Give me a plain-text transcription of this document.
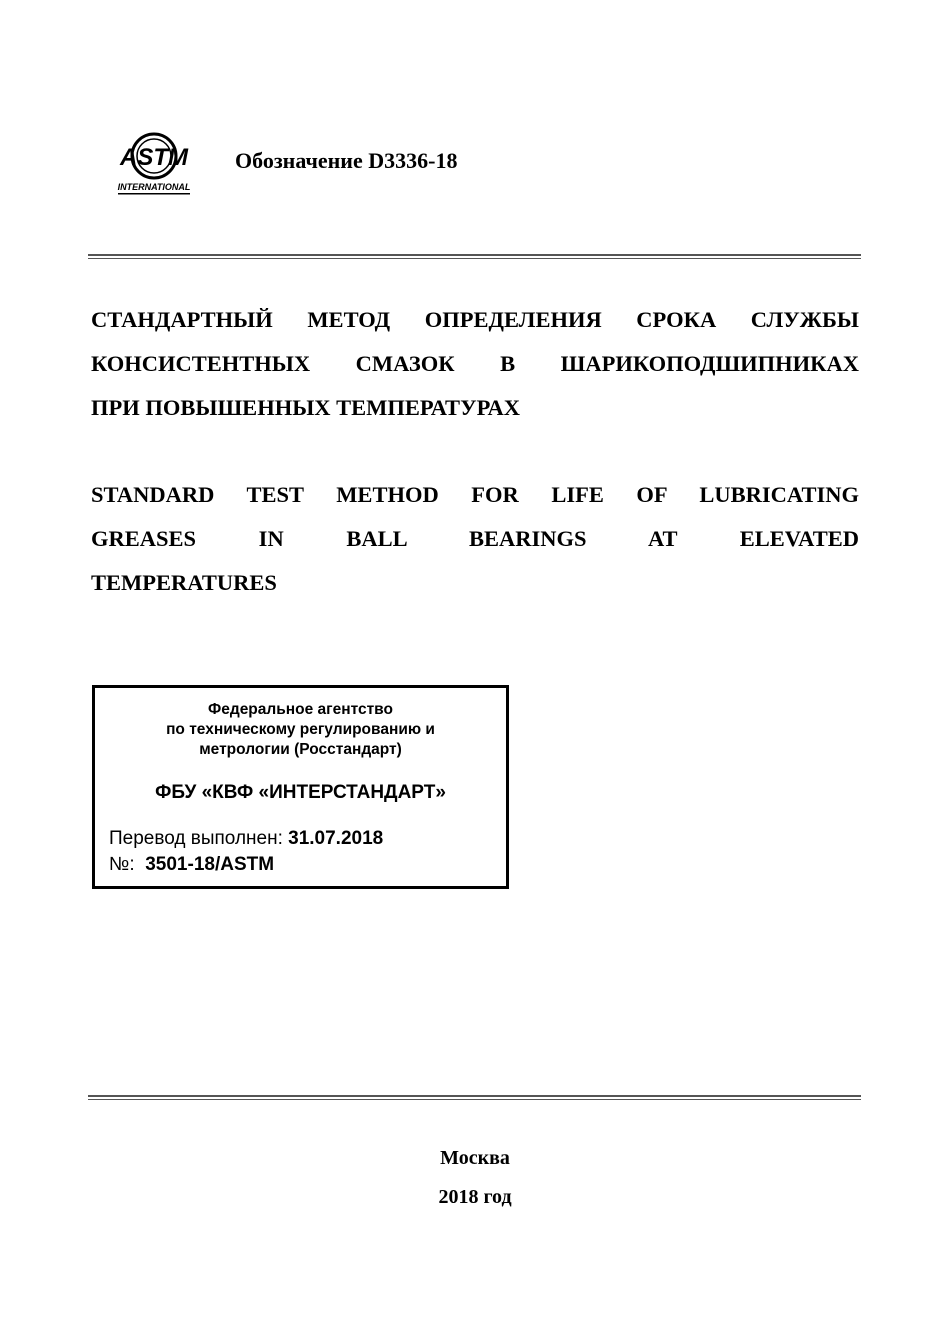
ASTM
INTERNATIONAL
Обозначение D3336-18
СТАНДАРТНЫЙ МЕТОД ОПРЕДЕЛЕНИЯ СРОКА СЛУЖБЫ
КОНСИСТЕНТНЫХ СМАЗОК В ШАРИКОПОДШИПНИКАХ
ПРИ ПОВЫШЕННЫХ ТЕМПЕРАТУРАХ
STANDARD TEST METHOD FOR LIFE OF LUBRICATING
GREASES IN BALL BEARINGS AT ELEVATED
TEMPERATURES
Федеральное агентство
по техническому регулированию и
метрологии (Росстандарт)
ФБУ «КВФ «ИНТЕРСТАНДАРТ»
Перевод выполнен: 31.07.2018
№: 3501-18/ASTM
Москва
2018 год
